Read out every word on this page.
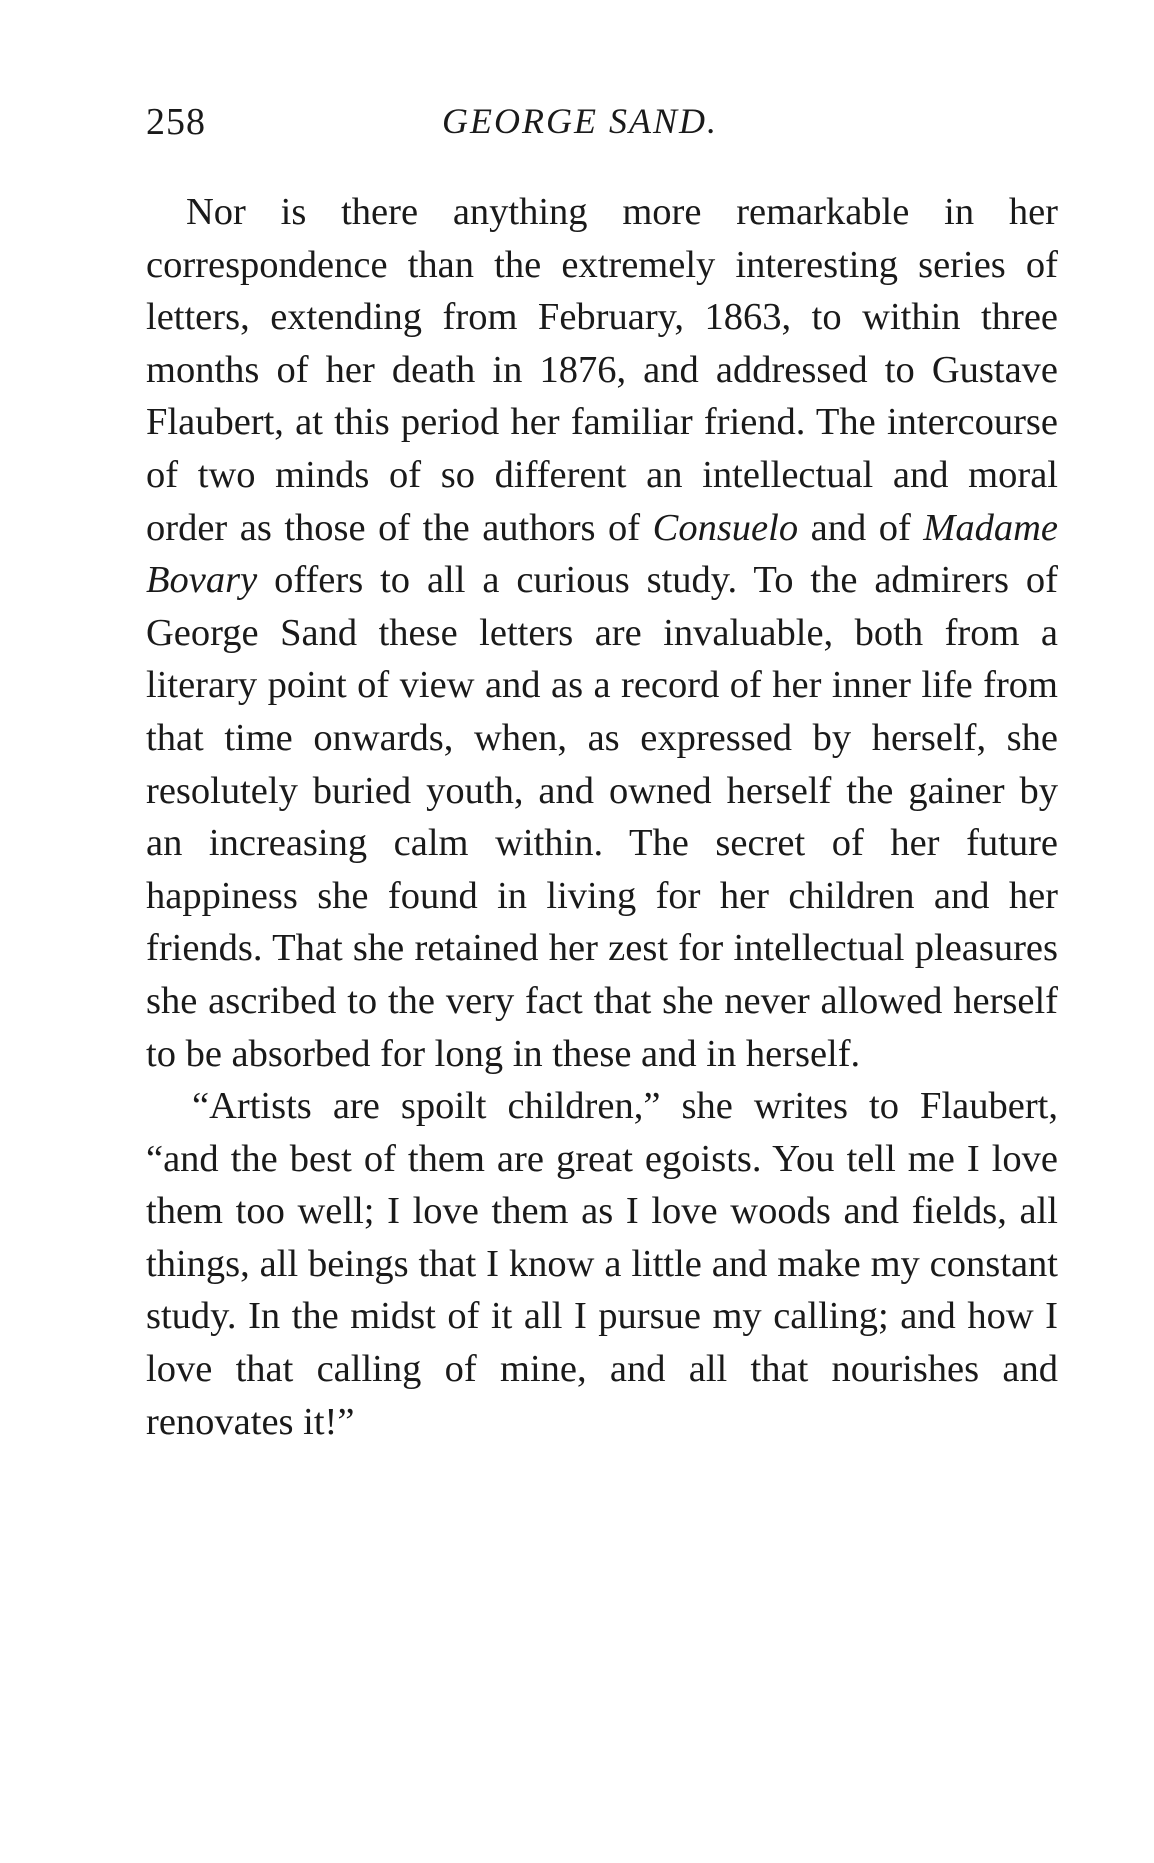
258	GEORGE SAND.

Nor is there anything more remarkable in her correspondence than the extremely interesting series of letters, extending from February, 1863, to within three months of her death in 1876, and addressed to Gustave Flaubert, at this period her familiar friend. The intercourse of two minds of so different an intellectual and moral order as those of the authors of Consuelo and of Madame Bovary offers to all a curious study. To the admirers of George Sand these letters are invaluable, both from a literary point of view and as a record of her inner life from that time onwards, when, as expressed by herself, she resolutely buried youth, and owned herself the gainer by an increasing calm within. The secret of her future happiness she found in living for her children and her friends. That she retained her zest for intellectual pleasures she ascribed to the very fact that she never allowed herself to be absorbed for long in these and in herself.

“Artists are spoilt children,” she writes to Flaubert, “and the best of them are great egoists. You tell me I love them too well; I love them as I love woods and fields, all things, all beings that I know a little and make my constant study. In the midst of it all I pursue my calling; and how I love that calling of mine, and all that nourishes and renovates it!”
